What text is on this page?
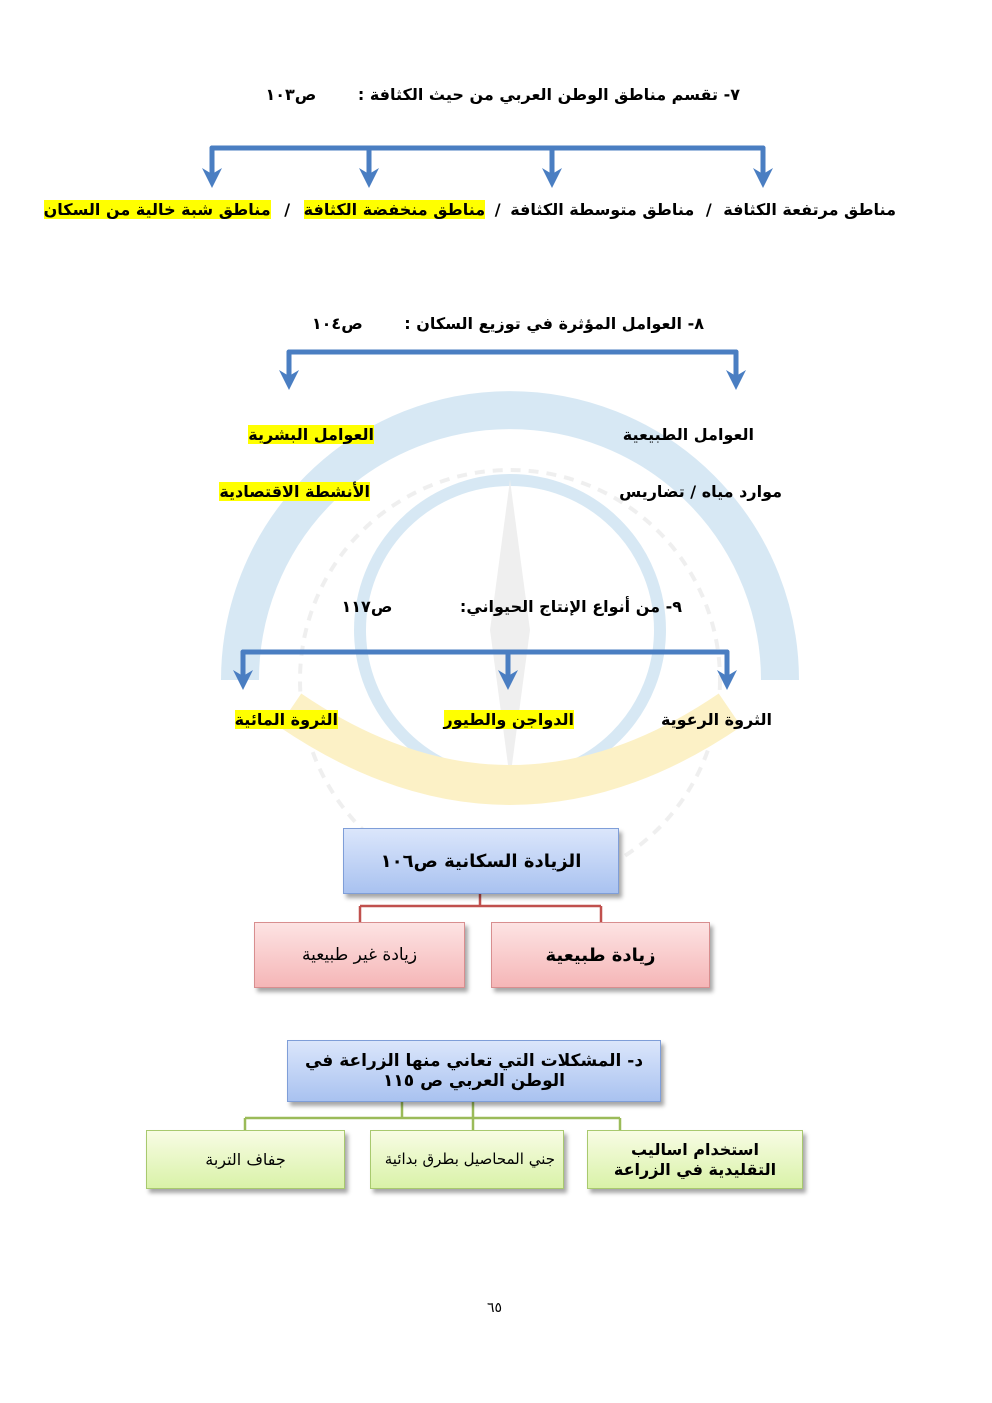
٧- تقسم مناطق الوطن العربي من حيث الكثافة : ص١٠٣
مناطق مرتفعة الكثافة / مناطق متوسطة الكثافة / مناطق منخفضة الكثافة / مناطق شبة خالية من السكان
٨- العوامل المؤثرة في توزيع السكان : ص١٠٤
العوامل الطبيعية
موارد مياه / تضاريس
العوامل البشرية
الأنشطة الاقتصادية
٩- من أنواع الإنتاج الحيواني: ص١١٧
الثروة الرعوية
الدواجن والطيور
الثروة المائية
الزيادة السكانية ص١٠٦
زيادة طبيعية
زيادة غير طبيعية
د- المشكلات التي تعاني منها الزراعة في الوطن العربي ص ١١٥
استخدام اساليب التقليدية في الزراعة
جني المحاصيل بطرق بدائية
جفاف التربة
٦٥
